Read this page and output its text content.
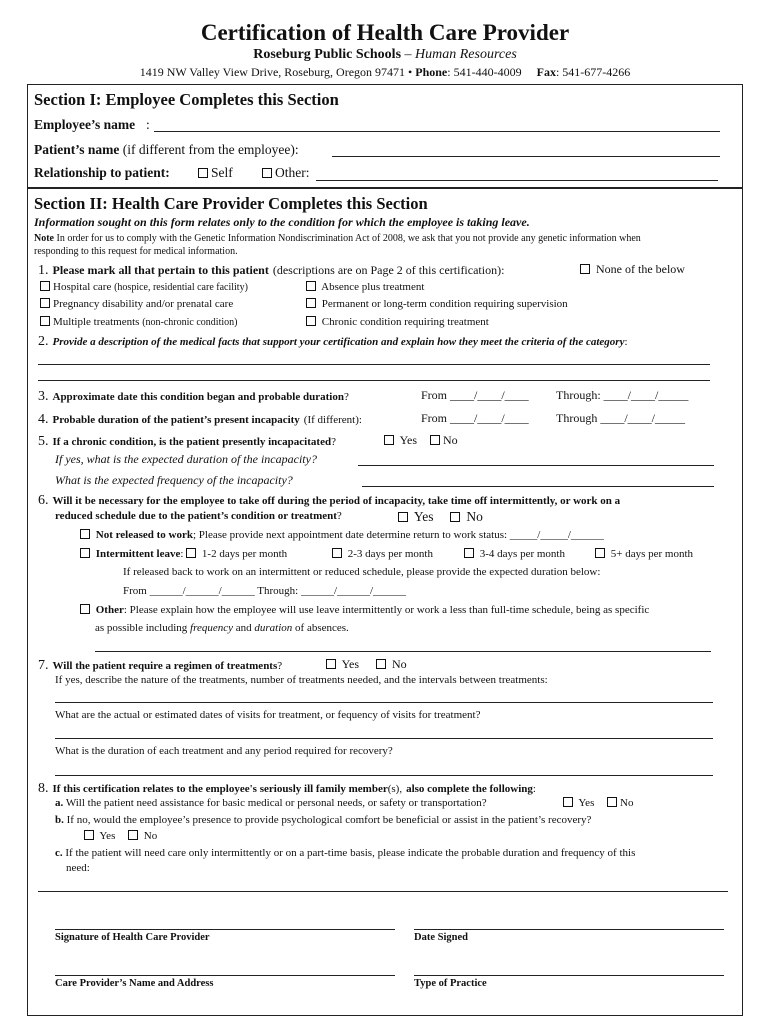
Certification of Health Care Provider
Roseburg Public Schools – Human Resources
1419 NW Valley View Drive, Roseburg, Oregon 97471 • Phone: 541-440-4009 Fax: 541-677-4266
Section I: Employee Completes this Section
Employee’s name :
Patient’s name (if different from the employee):
Relationship to patient:	Self	Other:
Section II: Health Care Provider Completes this Section
Information sought on this form relates only to the condition for which the employee is taking leave.
Note In order for us to comply with the Genetic Information Nondiscrimination Act of 2008, we ask that you not provide any genetic information when
responding to this request for medical information.
1. Please mark all that pertain to this patient (descriptions are on Page 2 of this certification):	None of the below
Hospital care (hospice, residential care facility)	Absence plus treatment
Pregnancy disability and/or prenatal care	Permanent or long-term condition requiring supervision
Multiple treatments (non-chronic condition)	Chronic condition requiring treatment
2. Provide a description of the medical facts that support your certification and explain how they meet the criteria of the category:
3. Approximate date this condition began and probable duration?	From ____/____/____ Through: ____/____/_____
4. Probable duration of the patient’s present incapacity (If different):	From ____/____/____ Through ____/____/_____
5. If a chronic condition, is the patient presently incapacitated?	Yes	No
If yes, what is the expected duration of the incapacity?
What is the expected frequency of the incapacity?
6. Will it be necessary for the employee to take off during the period of incapacity, take time off intermittently, or work on a
reduced schedule due to the patient’s condition or treatment?	Yes	No
Not released to work; Please provide next appointment date determine return to work status: _____/_____/______
Intermittent leave:  1-2 days per month	2-3 days per month	3-4 days per month	5+ days per month
If released back to work on an intermittent or reduced schedule, please provide the expected duration below:
From ______/______/______ Through: ______/______/______
Other: Please explain how the employee will use leave intermittently or work a less than full-time schedule, being as specific
as possible including frequency and duration of absences.
7. Will the patient require a regimen of treatments?	Yes	No
If yes, describe the nature of the treatments, number of treatments needed, and the intervals between treatments:
What are the actual or estimated dates of visits for treatment, or fequency of visits for treatment?
What is the duration of each treatment and any period required for recovery?
8. If this certification relates to the employee's seriously ill family member(s), also complete the following:
a. Will the patient need assistance for basic medical or personal needs, or safety or transportation?	Yes	No
b. If no, would the employee’s presence to provide psychological comfort be beneficial or assist in the patient’s recovery?
Yes	No
c. If the patient will need care only intermittently or on a part-time basis, please indicate the probable duration and frequency of this
need:
Signature of Health Care Provider	Date Signed
Care Provider’s Name and Address	Type of Practice
